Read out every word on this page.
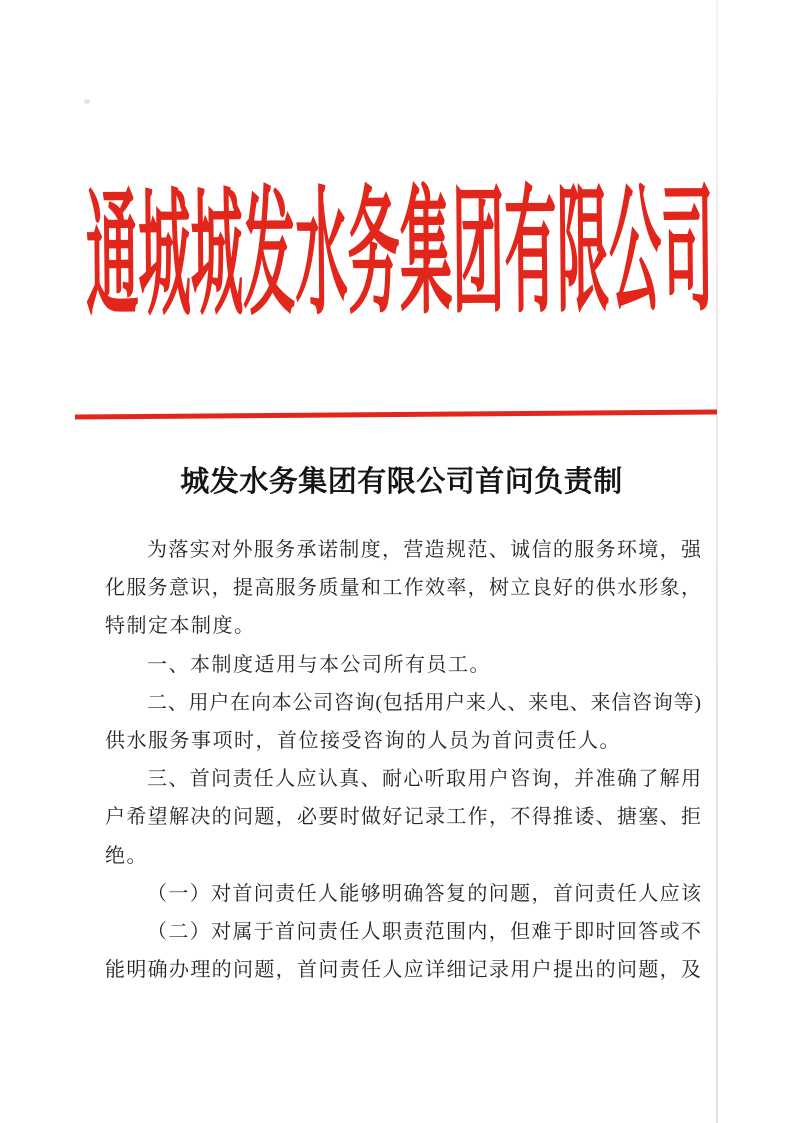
通城城发水务集团有限公司
城发水务集团有限公司首问负责制
为落实对外服务承诺制度，营造规范、诚信的服务环境，强
化服务意识，提高服务质量和工作效率，树立良好的供水形象，
特制定本制度。
一、本制度适用与本公司所有员工。
二、用户在向本公司咨询(包括用户来人、来电、来信咨询等)
供水服务事项时，首位接受咨询的人员为首问责任人。
三、首问责任人应认真、耐心听取用户咨询，并准确了解用
户希望解决的问题，必要时做好记录工作，不得推诿、搪塞、拒
绝。
（一）对首问责任人能够明确答复的问题，首问责任人应该
（二）对属于首问责任人职责范围内，但难于即时回答或不
能明确办理的问题，首问责任人应详细记录用户提出的问题，及
